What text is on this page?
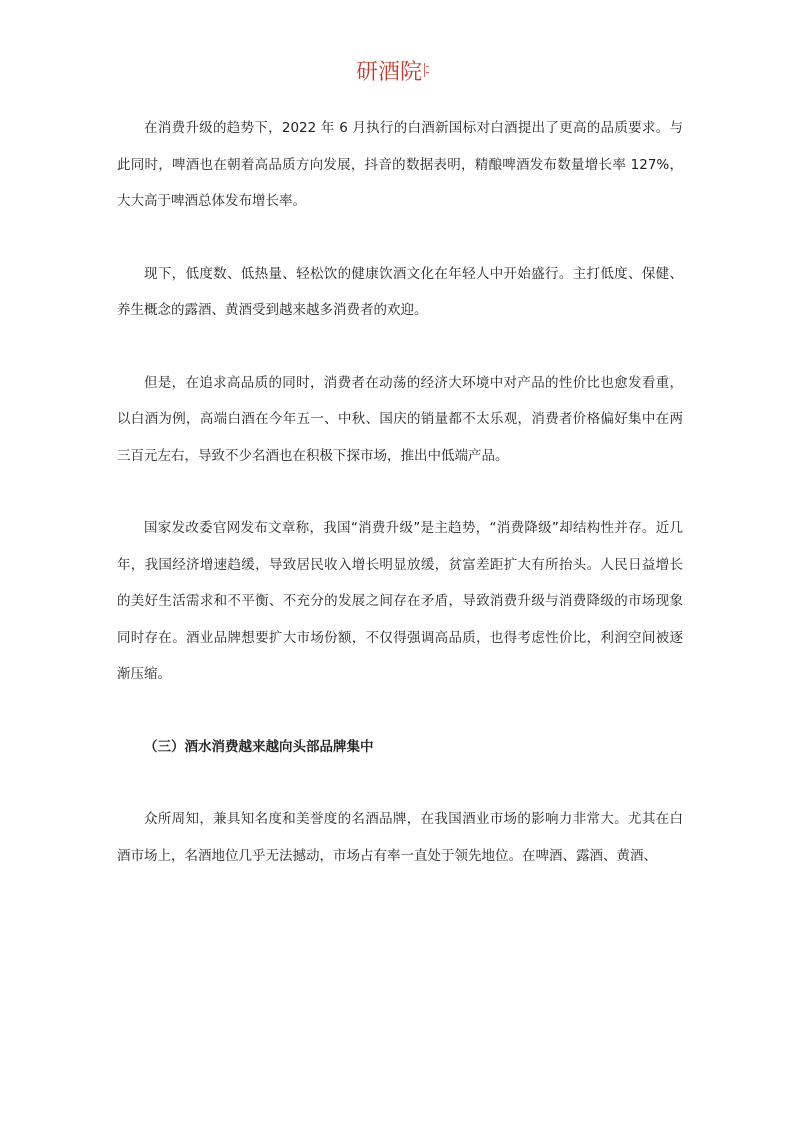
研酒院

在消费升级的趋势下，2022 年 6 月执行的白酒新国标对白酒提出了更高的品质要求。与此同时，啤酒也在朝着高品质方向发展，抖音的数据表明，精酿啤酒发布数量增长率 127%，大大高于啤酒总体发布增长率。

现下，低度数、低热量、轻松饮的健康饮酒文化在年轻人中开始盛行。主打低度、保健、养生概念的露酒、黄酒受到越来越多消费者的欢迎。

但是，在追求高品质的同时，消费者在动荡的经济大环境中对产品的性价比也愈发看重，以白酒为例，高端白酒在今年五一、中秋、国庆的销量都不太乐观，消费者价格偏好集中在两三百元左右，导致不少名酒也在积极下探市场，推出中低端产品。

国家发改委官网发布文章称，我国“消费升级”是主趋势，“消费降级”却结构性并存。近几年，我国经济增速趋缓，导致居民收入增长明显放缓，贫富差距扩大有所抬头。人民日益增长的美好生活需求和不平衡、不充分的发展之间存在矛盾，导致消费升级与消费降级的市场现象同时存在。酒业品牌想要扩大市场份额，不仅得强调高品质，也得考虑性价比，利润空间被逐渐压缩。

（三）酒水消费越来越向头部品牌集中

众所周知，兼具知名度和美誉度的名酒品牌，在我国酒业市场的影响力非常大。尤其在白酒市场上，名酒地位几乎无法撼动，市场占有率一直处于领先地位。在啤酒、露酒、黄酒、
